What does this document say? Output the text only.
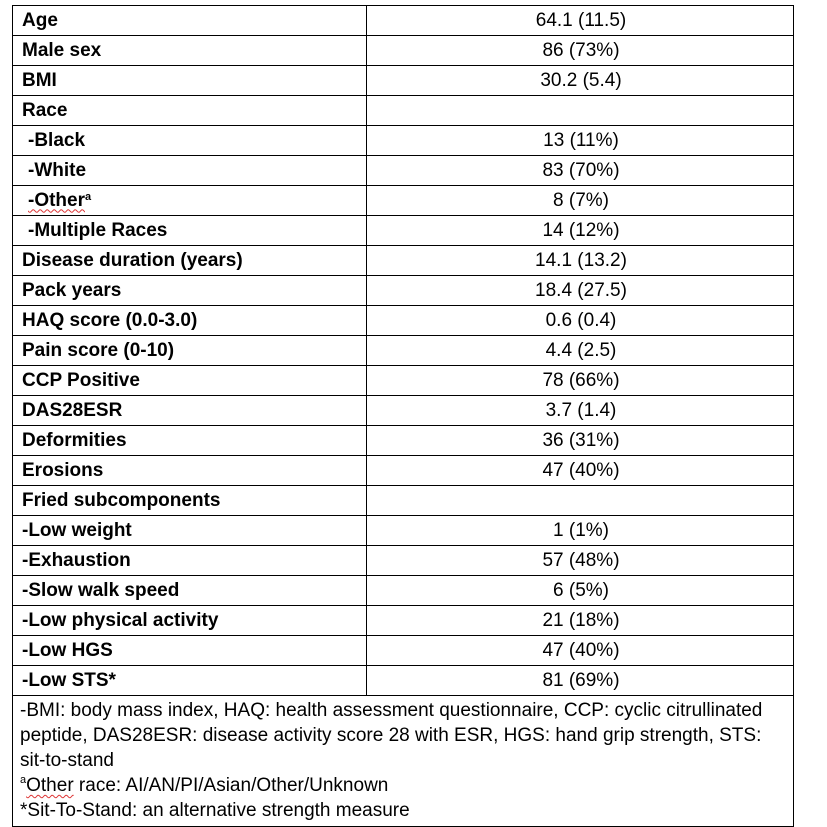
Age	64.1 (11.5)
Male sex	86 (73%)
BMI	30.2 (5.4)
Race	
-Black	13 (11%)
-White	83 (70%)
-Other$^a$	8 (7%)
-Multiple Races	14 (12%)
Disease duration (years)	14.1 (13.2)
Pack years	18.4 (27.5)
HAQ score (0.0-3.0)	0.6 (0.4)
Pain score (0-10)	4.4 (2.5)
CCP Positive	78 (66%)
DAS28ESR	3.7 (1.4)
Deformities	36 (31%)
Erosions	47 (40%)
Fried subcomponents	
-Low weight	1 (1%)
-Exhaustion	57 (48%)
-Slow walk speed	6 (5%)
-Low physical activity	21 (18%)
-Low HGS	47 (40%)
-Low STS*	81 (69%)

-BMI: body mass index, HAQ: health assessment questionnaire, CCP: cyclic citrullinated peptide, DAS28ESR: disease activity score 28 with ESR, HGS: hand grip strength, STS: sit-to-stand
$^a$Other race: AI/AN/PI/Asian/Other/Unknown
*Sit-To-Stand: an alternative strength measure	
